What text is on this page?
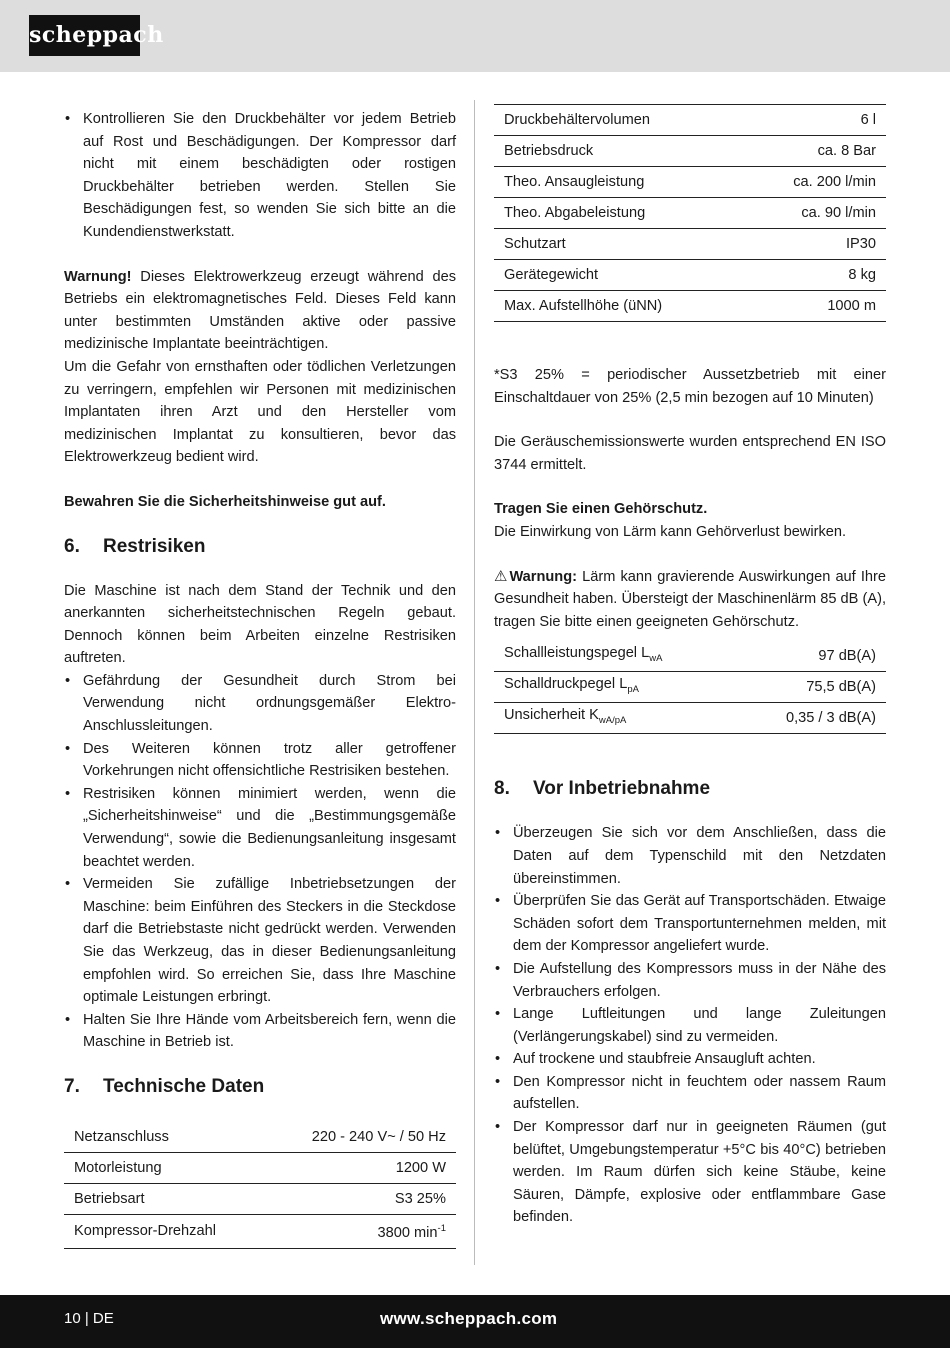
scheppach
• Kontrollieren Sie den Druckbehälter vor jedem Betrieb auf Rost und Beschädigungen. Der Kompressor darf nicht mit einem beschädigten oder rostigen Druckbehälter betrieben werden. Stellen Sie Beschädigungen fest, so wenden Sie sich bitte an die Kundendienstwerkstatt.

Warnung! Dieses Elektrowerkzeug erzeugt während des Betriebs ein elektromagnetisches Feld. Dieses Feld kann unter bestimmten Umständen aktive oder passive medizinische Implantate beeinträchtigen.

Um die Gefahr von ernsthaften oder tödlichen Verletzungen zu verringern, empfehlen wir Personen mit medizinischen Implantaten ihren Arzt und den Hersteller vom medizinischen Implantat zu konsultieren, bevor das Elektrowerkzeug bedient wird.

Bewahren Sie die Sicherheitshinweise gut auf.

6. Restrisiken

Die Maschine ist nach dem Stand der Technik und den anerkannten sicherheitstechnischen Regeln gebaut. Dennoch können beim Arbeiten einzelne Restrisiken auftreten.

• Gefährdung der Gesundheit durch Strom bei Verwendung nicht ordnungsgemäßer Elektro-Anschlussleitungen.
• Des Weiteren können trotz aller getroffener Vorkehrungen nicht offensichtliche Restrisiken bestehen.
• Restrisiken können minimiert werden, wenn die „Sicherheitshinweise“ und die „Bestimmungsgemäße Verwendung“, sowie die Bedienungsanleitung insgesamt beachtet werden.
• Vermeiden Sie zufällige Inbetriebsetzungen der Maschine: beim Einführen des Steckers in die Steckdose darf die Betriebstaste nicht gedrückt werden. Verwenden Sie das Werkzeug, das in dieser Bedienungsanleitung empfohlen wird. So erreichen Sie, dass Ihre Maschine optimale Leistungen erbringt.
• Halten Sie Ihre Hände vom Arbeitsbereich fern, wenn die Maschine in Betrieb ist.
7. Technische Daten
Netzanschluss	220 - 240 V~ / 50 Hz
Motorleistung	1200 W
Betriebsart	S3 25%
Kompressor-Drehzahl	3800 $\min^{-1}$
Druckbehältervolumen	6 l
Betriebsdruck	ca. 8 Bar
Theo. Ansaugleistung	ca. 200 l/min
Theo. Abgabeleistung	ca. 90 l/min
Schutzart	IP30
Gerätegewicht	8 kg
Max. Aufstellhöhe (üNN)	1000 m

*S3 25% = periodischer Aussetzbetrieb mit einer Einschaltdauer von 25% (2,5 min bezogen auf 10 Minuten)

Die Geräuschemissionswerte wurden entsprechend EN ISO 3744 ermittelt.

Tragen Sie einen Gehörschutz.

Die Einwirkung von Lärm kann Gehörverlust bewirken.

⚠ Warnung: Lärm kann gravierende Auswirkungen auf Ihre Gesundheit haben. Übersteigt der Maschinenlärm 85 dB (A), tragen Sie bitte einen geeigneten Gehörschutz.

Schallleistungspegel $L_{wA}$	97 dB(A)
Schalldruckpegel $L_{pA}$	75,5 dB(A)
Unsicherheit $K_{wA/pA}$	0,35 / 3 dB(A)
8. Vor Inbetriebnahme
• Überzeugen Sie sich vor dem Anschließen, dass die Daten auf dem Typenschild mit den Netzdaten übereinstimmen.
• Überprüfen Sie das Gerät auf Transportschäden. Etwaige Schäden sofort dem Transportunternehmen melden, mit dem der Kompressor angeliefert wurde.
• Die Aufstellung des Kompressors muss in der Nähe des Verbrauchers erfolgen.
• Lange Luftleitungen und lange Zuleitungen (Verlängerungskabel) sind zu vermeiden.
• Auf trockene und staubfreie Ansaugluft achten.
• Den Kompressor nicht in feuchtem oder nassem Raum aufstellen.
• Der Kompressor darf nur in geeigneten Räumen (gut belüftet, Umgebungstemperatur +5°C bis 40°C) betrieben werden. Im Raum dürfen sich keine Stäube, keine Säuren, Dämpfe, explosive oder entflammbare Gase befinden.
10 | DE	www.scheppach.com
